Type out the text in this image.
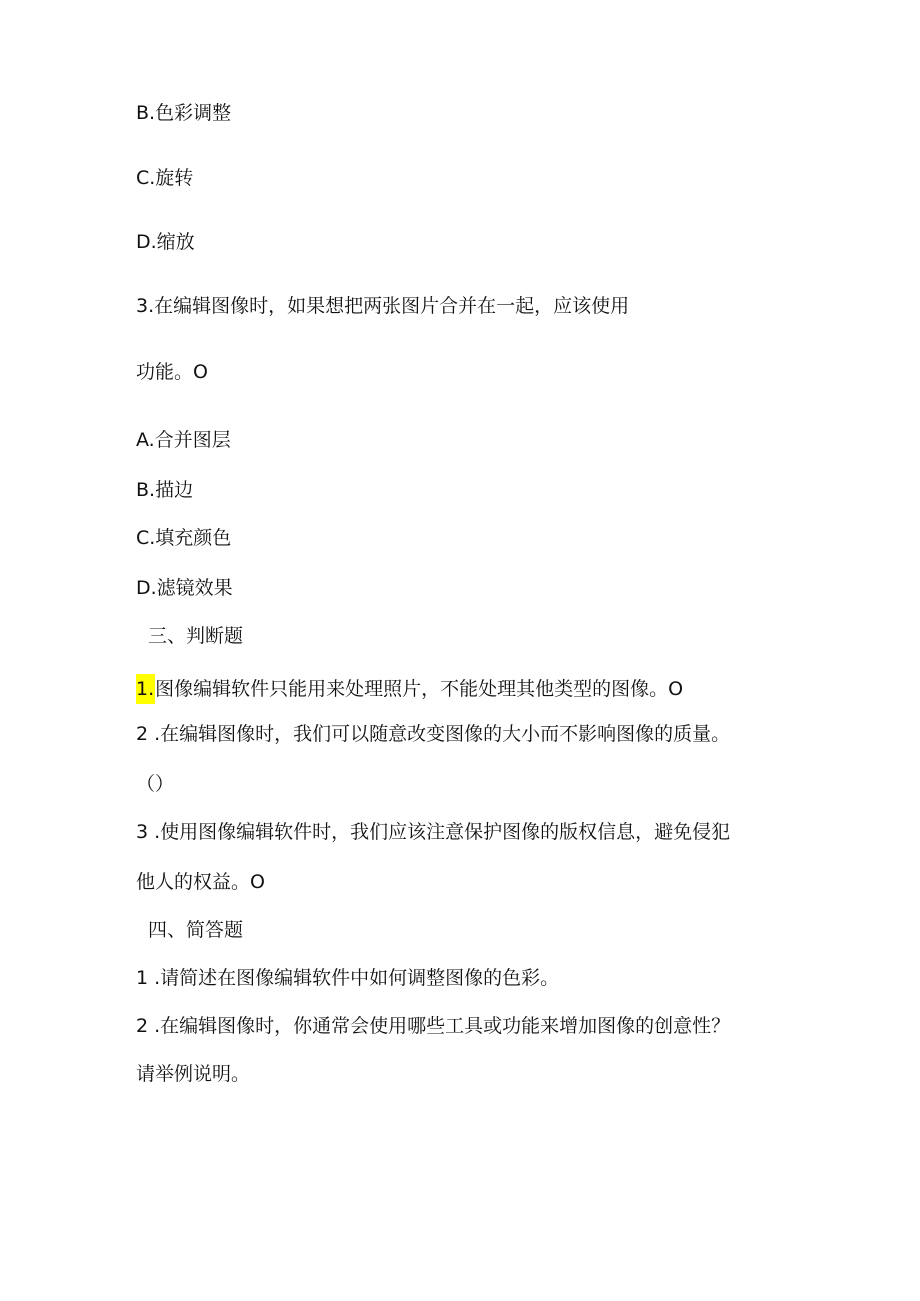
B.色彩调整
C.旋转
D.缩放
3.在编辑图像时，如果想把两张图片合并在一起，应该使用
功能。O
A.合并图层
B.描边
C.填充颜色
D.滤镜效果
三、判断题
1.图像编辑软件只能用来处理照片，不能处理其他类型的图像。O
2 .在编辑图像时，我们可以随意改变图像的大小而不影响图像的质量。
（）
3 .使用图像编辑软件时，我们应该注意保护图像的版权信息，避免侵犯
他人的权益。O
四、简答题
1 .请简述在图像编辑软件中如何调整图像的色彩。
2 .在编辑图像时，你通常会使用哪些工具或功能来增加图像的创意性？
请举例说明。
